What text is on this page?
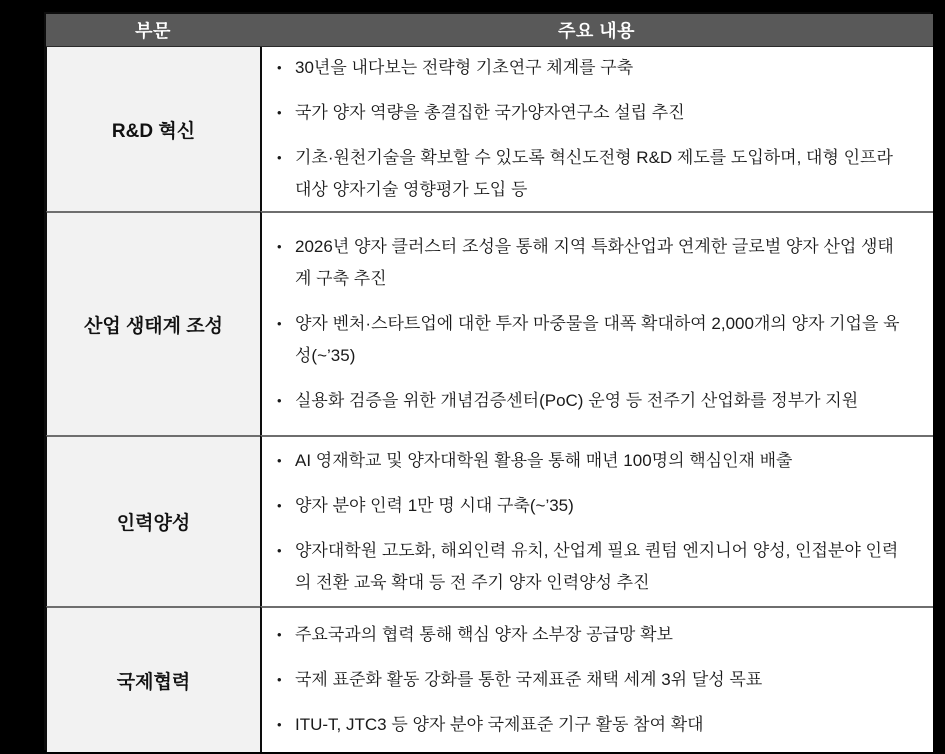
부문	주요 내용
R&D 혁신
• 30년을 내다보는 전략형 기초연구 체계를 구축
• 국가 양자 역량을 총결집한 국가양자연구소 설립 추진
• 기초·원천기술을 확보할 수 있도록 혁신도전형 R&D 제도를 도입하며, 대형 인프라 대상 양자기술 영향평가 도입 등
산업 생태계 조성
• 2026년 양자 클러스터 조성을 통해 지역 특화산업과 연계한 글로벌 양자 산업 생태계 구축 추진
• 양자 벤처·스타트업에 대한 투자 마중물을 대폭 확대하여 2,000개의 양자 기업을 육성(~’35)
• 실용화 검증을 위한 개념검증센터(PoC) 운영 등 전주기 산업화를 정부가 지원
인력양성
• AI 영재학교 및 양자대학원 활용을 통해 매년 100명의 핵심인재 배출
• 양자 분야 인력 1만 명 시대 구축(~’35)
• 양자대학원 고도화, 해외인력 유치, 산업계 필요 퀀텀 엔지니어 양성, 인접분야 인력의 전환 교육 확대 등 전 주기 양자 인력양성 추진
국제협력
• 주요국과의 협력 통해 핵심 양자 소부장 공급망 확보
• 국제 표준화 활동 강화를 통한 국제표준 채택 세계 3위 달성 목표
• ITU-T, JTC3 등 양자 분야 국제표준 기구 활동 참여 확대
